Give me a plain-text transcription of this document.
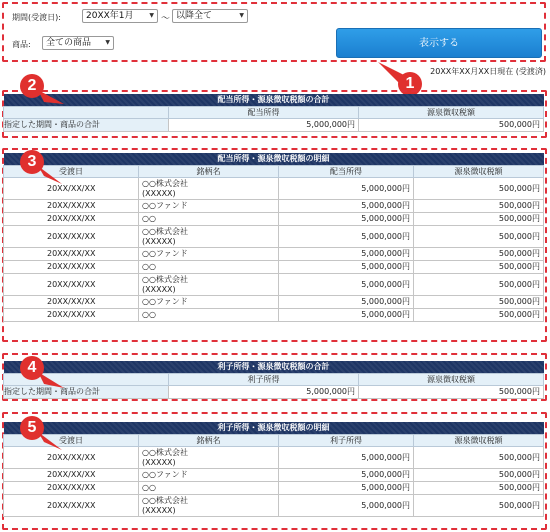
期間(受渡日):	20XX年1月	▼ 〜 以降全て	▼
商品:	全ての商品 ▼	表示する
20XX年XX月XX日現在 (受渡済)
1
配当所得・源泉徴収税額の合計		
	配当所得	源泉徴収税額
指定した期間・商品の合計	5,000,000円	500,000円
2
配当所得・源泉徴収税額の明細			
受渡日	銘柄名	配当所得	源泉徴収税額
20XX/XX/XX	○○株式会社
(XXXXX)	5,000,000円	500,000円
20XX/XX/XX	○○ファンド	5,000,000円	500,000円
20XX/XX/XX	○○	5,000,000円	500,000円
20XX/XX/XX	○○株式会社
(XXXXX)	5,000,000円	500,000円
20XX/XX/XX	○○ファンド	5,000,000円	500,000円
20XX/XX/XX	○○	5,000,000円	500,000円
20XX/XX/XX	○○株式会社
(XXXXX)	5,000,000円	500,000円
20XX/XX/XX	○○ファンド	5,000,000円	500,000円
20XX/XX/XX	○○	5,000,000円	500,000円
3
利子所得・源泉徴収税額の合計		
	利子所得	源泉徴収税額
指定した期間・商品の合計	5,000,000円	500,000円
4
利子所得・源泉徴収税額の明細			
受渡日	銘柄名	利子所得	源泉徴収税額
20XX/XX/XX	○○株式会社
(XXXXX)	5,000,000円	500,000円
20XX/XX/XX	○○ファンド	5,000,000円	500,000円
20XX/XX/XX	○○	5,000,000円	500,000円
20XX/XX/XX	○○株式会社
(XXXXX)	5,000,000円	500,000円
5
